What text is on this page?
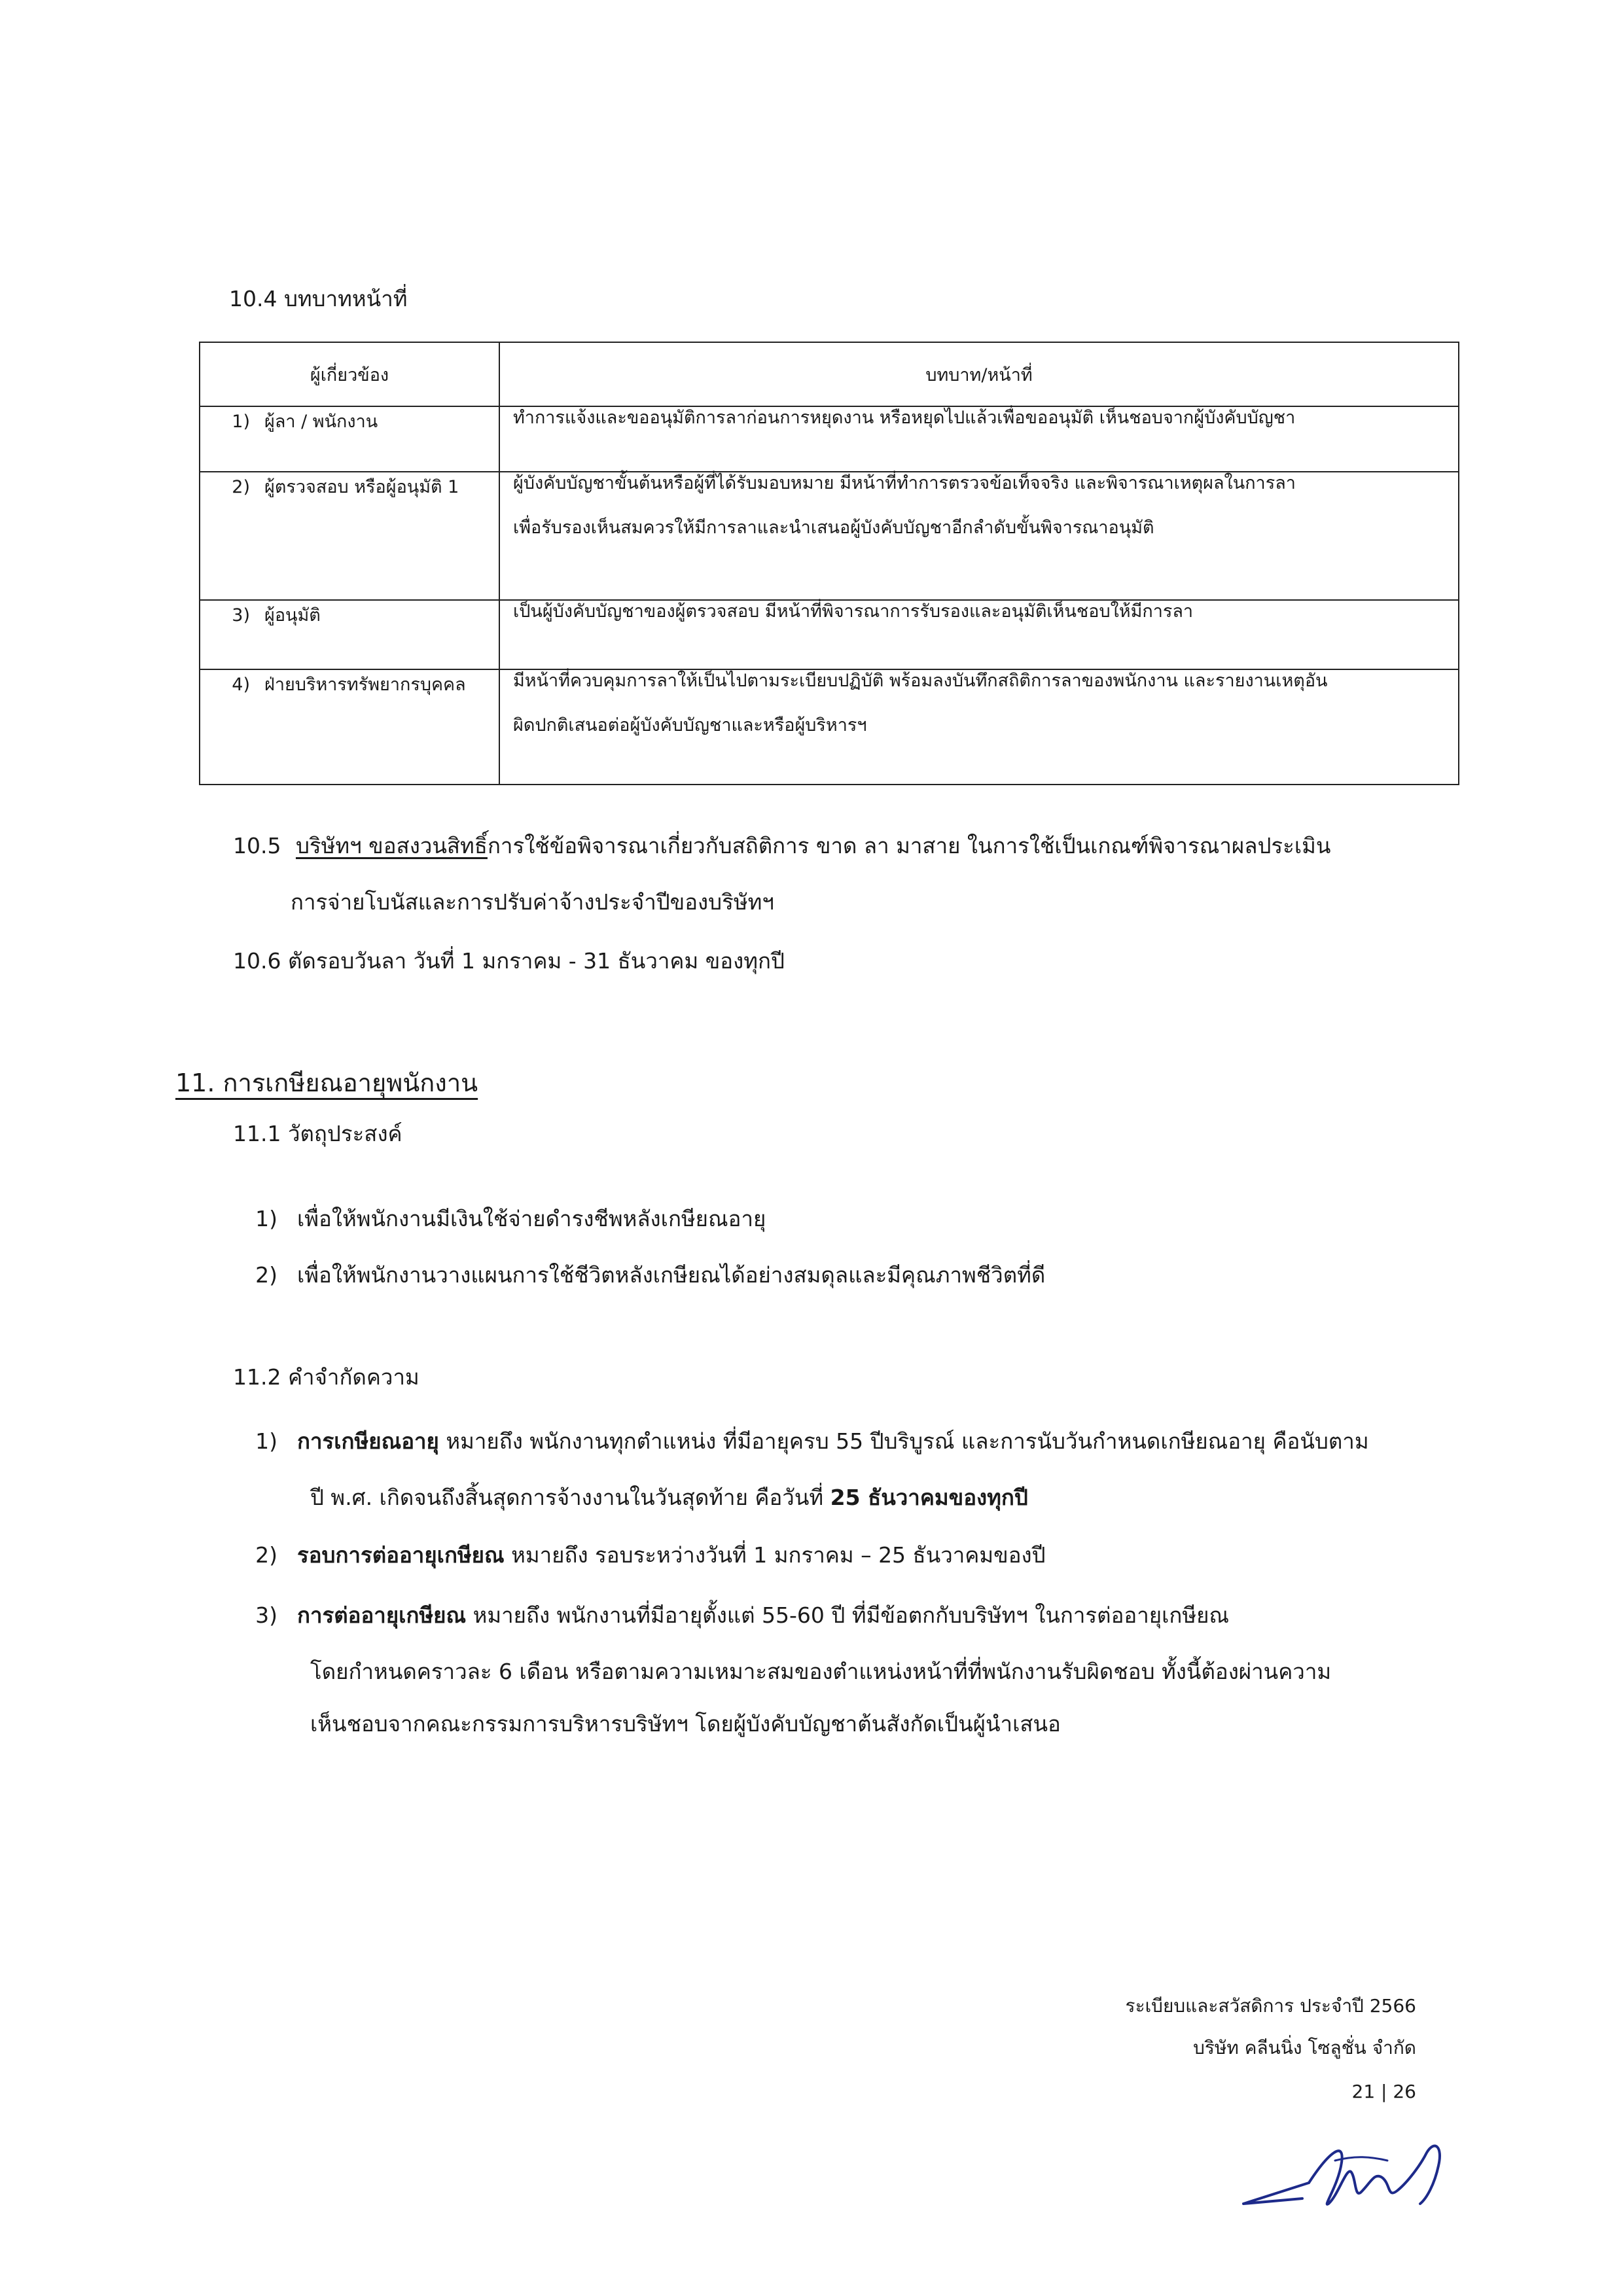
10.4 บทบาทหน้าที่
ผู้เกี่ยวข้อง	บทบาท/หน้าที่
1) ผู้ลา / พนักงาน	ทำการแจ้งและขออนุมัติการลาก่อนการหยุดงาน หรือหยุดไปแล้วเพื่อขออนุมัติ เห็นชอบจากผู้บังคับบัญชา

2) ผู้ตรวจสอบ หรือผู้อนุมัติ 1	ผู้บังคับบัญชาขั้นต้นหรือผู้ที่ได้รับมอบหมาย มีหน้าที่ทำการตรวจข้อเท็จจริง และพิจารณาเหตุผลในการลา
เพื่อรับรองเห็นสมควรให้มีการลาและนำเสนอผู้บังคับบัญชาอีกลำดับขั้นพิจารณาอนุมัติ

3) ผู้อนุมัติ	เป็นผู้บังคับบัญชาของผู้ตรวจสอบ มีหน้าที่พิจารณาการรับรองและอนุมัติเห็นชอบให้มีการลา

4) ฝ่ายบริหารทรัพยากรบุคคล	มีหน้าที่ควบคุมการลาให้เป็นไปตามระเบียบปฏิบัติ พร้อมลงบันทึกสถิติการลาของพนักงาน และรายงานเหตุอัน
ผิดปกติเสนอต่อผู้บังคับบัญชาและหรือผู้บริหารฯ
10.5 บริษัทฯ ขอสงวนสิทธิ์การใช้ข้อพิจารณาเกี่ยวกับสถิติการ ขาด ลา มาสาย ในการใช้เป็นเกณฑ์พิจารณาผลประเมิน
การจ่ายโบนัสและการปรับค่าจ้างประจำปีของบริษัทฯ
10.6 ตัดรอบวันลา วันที่ 1 มกราคม - 31 ธันวาคม ของทุกปี
11. การเกษียณอายุพนักงาน
11.1 วัตถุประสงค์
1) เพื่อให้พนักงานมีเงินใช้จ่ายดำรงชีพหลังเกษียณอายุ
2) เพื่อให้พนักงานวางแผนการใช้ชีวิตหลังเกษียณได้อย่างสมดุลและมีคุณภาพชีวิตที่ดี
11.2 คำจำกัดความ
1) การเกษียณอายุ หมายถึง พนักงานทุกตำแหน่ง ที่มีอายุครบ 55 ปีบริบูรณ์ และการนับวันกำหนดเกษียณอายุ คือนับตาม
ปี พ.ศ. เกิดจนถึงสิ้นสุดการจ้างงานในวันสุดท้าย คือวันที่ 25 ธันวาคมของทุกปี
2) รอบการต่ออายุเกษียณ หมายถึง รอบระหว่างวันที่ 1 มกราคม – 25 ธันวาคมของปี
3) การต่ออายุเกษียณ หมายถึง พนักงานที่มีอายุตั้งแต่ 55-60 ปี ที่มีข้อตกกับบริษัทฯ ในการต่ออายุเกษียณ
โดยกำหนดคราวละ 6 เดือน หรือตามความเหมาะสมของตำแหน่งหน้าที่ที่พนักงานรับผิดชอบ ทั้งนี้ต้องผ่านความ
เห็นชอบจากคณะกรรมการบริหารบริษัทฯ โดยผู้บังคับบัญชาต้นสังกัดเป็นผู้นำเสนอ
ระเบียบและสวัสดิการ ประจำปี 2566
บริษัท คลีนนิ่ง โซลูชั่น จำกัด
21 | 26
